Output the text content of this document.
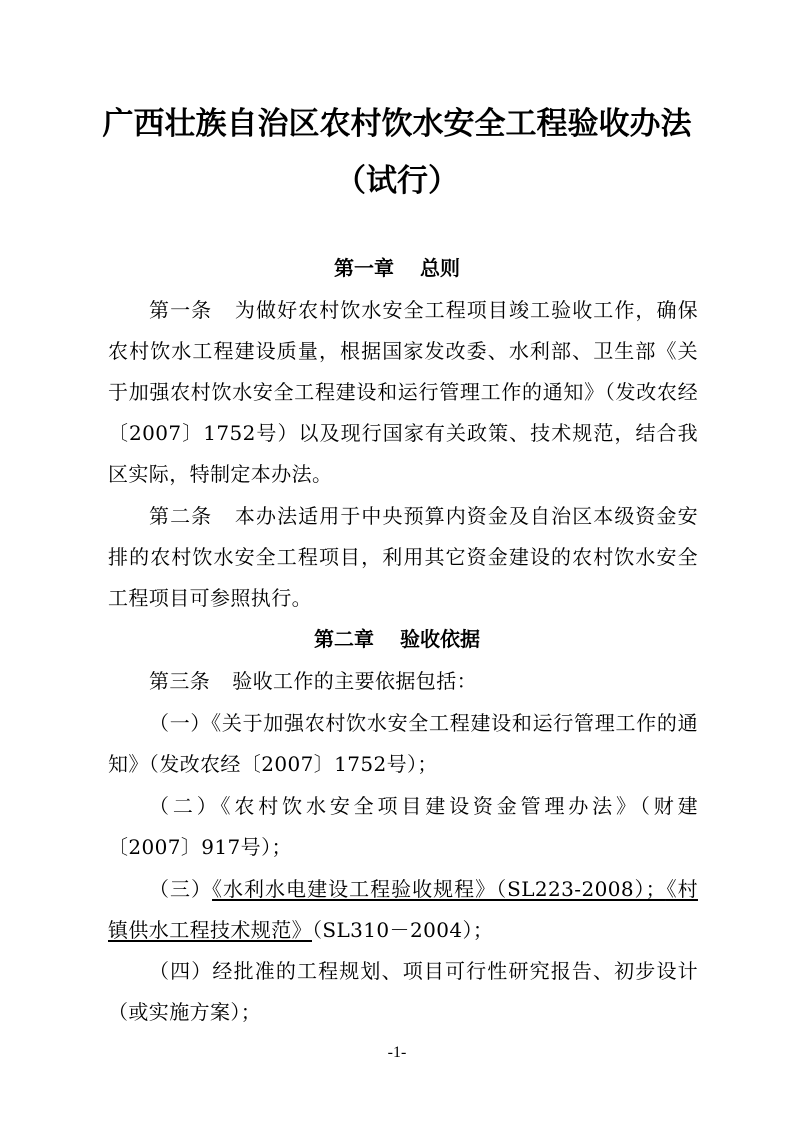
广西壮族自治区农村饮水安全工程验收办法
（试行）
第一章 总则

第一条 为做好农村饮水安全工程项目竣工验收工作，确保农村饮水工程建设质量，根据国家发改委、水利部、卫生部《关于加强农村饮水安全工程建设和运行管理工作的通知》（发改农经〔2007〕1752号）以及现行国家有关政策、技术规范，结合我区实际，特制定本办法。

第二条 本办法适用于中央预算内资金及自治区本级资金安排的农村饮水安全工程项目，利用其它资金建设的农村饮水安全工程项目可参照执行。

第二章 验收依据

第三条 验收工作的主要依据包括：

（一）《关于加强农村饮水安全工程建设和运行管理工作的通知》（发改农经〔2007〕1752号）；

（二）《农村饮水安全项目建设资金管理办法》（财建〔2007〕917号）；

（三）《水利水电建设工程验收规程》（SL223-2008）；《村镇供水工程技术规范》（SL310－2004）；

（四）经批准的工程规划、项目可行性研究报告、初步设计（或实施方案）；

-1-
